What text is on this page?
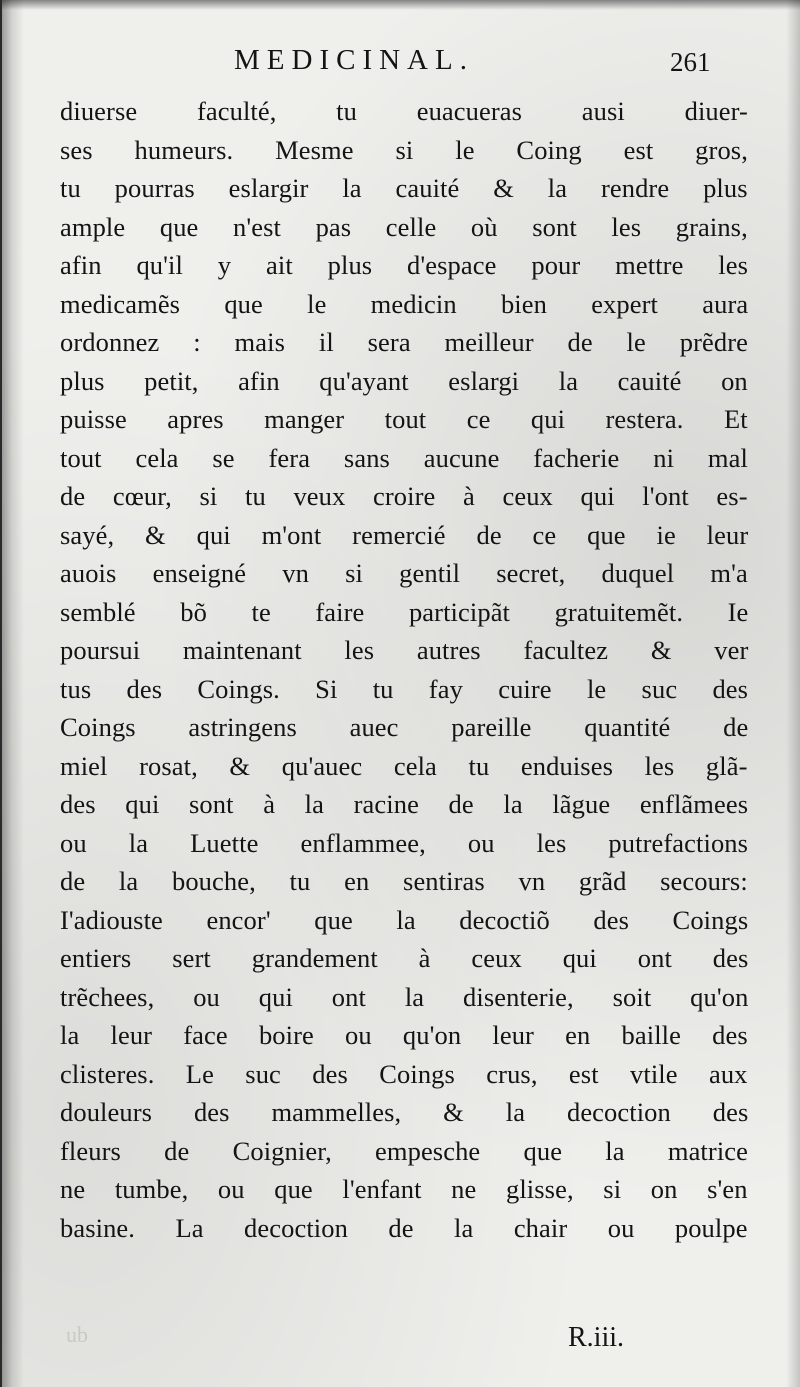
MEDICINAL.	261
diuerse faculté, tu euacueras ausi diuer-
ses humeurs. Mesme si le Coing est gros,
tu pourras eslargir la cauité & la rendre plus
ample que n'est pas celle où sont les grains,
afin qu'il y ait plus d'espace pour mettre les
medicamẽs que le medicin bien expert aura
ordonnez : mais il sera meilleur de le prẽdre
plus petit, afin qu'ayant eslargi la cauité on
puisse apres manger tout ce qui restera. Et
tout cela se fera sans aucune facherie ni mal
de cœur, si tu veux croire à ceux qui l'ont es-
sayé, & qui m'ont remercié de ce que ie leur
auois enseigné vn si gentil secret, duquel m'a
semblé bõ te faire participãt gratuitemẽt. Ie
poursui maintenant les autres facultez & ver
tus des Coings. Si tu fay cuire le suc des
Coings astringens auec pareille quantité de
miel rosat, & qu'auec cela tu enduises les glã-
des qui sont à la racine de la lãgue enflãmees
ou la Luette enflammee, ou les putrefactions
de la bouche, tu en sentiras vn grãd secours:
I'adiouste encor' que la decoctiõ des Coings
entiers sert grandement à ceux qui ont des
trẽchees, ou qui ont la disenterie, soit qu'on
la leur face boire ou qu'on leur en baille des
clisteres. Le suc des Coings crus, est vtile aux
douleurs des mammelles, & la decoction des
fleurs de Coignier, empesche que la matrice
ne tumbe, ou que l'enfant ne glisse, si on s'en
basine. La decoction de la chair ou poulpe
ub	R.iii.
